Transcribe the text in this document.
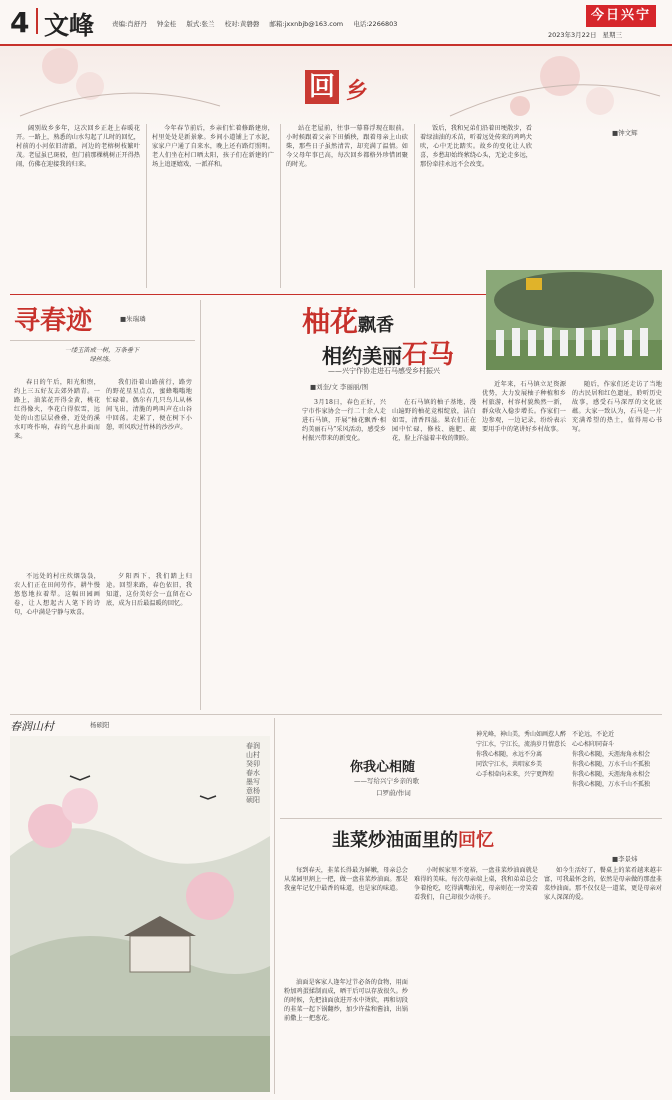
4 文峰	责编:肖舒丹 钟金桂 版式:张兰 校对:黄磐磐 邮箱:jxxnbjb@163.com 电话:2266803
今日兴宁
2023年3月22日 星期三
回 乡
■钟文辉

阔别故乡多年，这次回乡正赶上春暖花开。一路上，熟悉的山水勾起了儿时的回忆，村前的小河依旧清澈，河边的老榕树枝繁叶茂。老屋虽已斑驳，但门前那棵桃树正开得热闹，仿佛在迎接我的归来。

今年春节前后，乡亲们忙着修路建房，村里处处是新景象。乡间小道铺上了水泥，家家户户通了自来水，晚上还有路灯照明。老人们坐在村口晒太阳，孩子们在新建的广场上追逐嬉戏，一派祥和。

站在老屋前，往事一幕幕浮现在眼前。小时候跟着父亲下田插秧，跟着母亲上山砍柴，那些日子虽然清苦，却充满了温情。如今父母年事已高，每次回乡都格外珍惜团聚的时光。

饭后，我和兄弟们沿着田埂散步，看着绿油油的禾苗，听着远处传来的鸡鸣犬吠，心中无比踏实。故乡的变化让人欣喜，乡愁却始终萦绕心头，无论走多远，那份牵挂永远不会改变。

寻春迹	■朱瑞璘

一缕玉笛成一树，万条垂下绿丝绦。

春日的午后，阳光和煦，约上三五好友去郊外踏青。一路上，油菜花开得金黄，桃花红得像火，李花白得似雪，远处的山峦层层叠叠，近处的溪水叮咚作响，春的气息扑面而来。

我们沿着山路前行，路旁的野花星星点点，蜜蜂嗡嗡地忙碌着。偶尔有几只鸟儿从林间飞出，清脆的鸣叫声在山谷中回荡。走累了，便在树下小憩，听风吹过竹林的沙沙声。

不远处的村庄炊烟袅袅，农人们正在田间劳作，耕牛慢悠悠地拉着犁。这幅田园画卷，让人想起古人笔下的诗句，心中满是宁静与欢喜。

夕阳西下，我们踏上归途。回望来路，春色依旧，我知道，这份美好会一直留在心底，成为日后最温暖的回忆。

柚花飘香
相约美丽石马
——兴宁作协走进石马感受乡村振兴
■刘奎/文 李丽丽/图

3月18日，春色正好，兴宁市作家协会一行二十余人走进石马镇，开展“柚花飘香·相约美丽石马”采风活动，感受乡村振兴带来的新变化。

在石马镇的柚子基地，漫山遍野的柚花竞相绽放，洁白如雪，清香四溢。果农们正在园中忙碌，修枝、施肥、疏花，脸上洋溢着丰收的期盼。

近年来，石马镇立足资源优势，大力发展柚子种植和乡村旅游，村容村貌焕然一新，群众收入稳步增长。作家们一边参观，一边记录，纷纷表示要用手中的笔讲好乡村故事。

随后，作家们还走访了当地的古民居和红色遗址，聆听历史故事，感受石马深厚的文化底蕴。大家一致认为，石马是一片充满希望的热土，值得用心书写。

春润山村	杨硕阳
春润山村 癸卯春水墨写意杨硕阳
你我心相随
——写给兴宁乡亲的歌
口罗蔚/作词
神光峰，神山美，秀山如画惹人醉
宁江水，宁江长，流淌岁月情意长
你我心相随，永远不分离
同饮宁江水，共唱家乡美
心手相牵向未来，兴宁更辉煌
不论远，不论近
心心相印同奋斗
你我心相随，天涯海角永相会
你我心相随，万水千山不孤独
你我心相随，天涯海角永相会
你我心相随，万水千山不孤独
韭菜炒油面里的回忆
■李景炜

每到春天，韭菜长得最为鲜嫩，母亲总会从菜园里割上一把，做一盘韭菜炒油面。那是我童年记忆中最香的味道，也是家的味道。

油面是客家人逢年过节必备的食物，用面粉加鸡蛋揉制而成，晒干后可以存放很久。炒的时候，先把油面放进开水中烫软，再和切段的韭菜一起下锅翻炒，加少许盐和酱油，出锅前撒上一把葱花。

小时候家里不宽裕，一盘韭菜炒油面就是难得的美味。每次母亲端上桌，我和弟弟总会争着抢吃，吃得满嘴油光，母亲则在一旁笑着看我们，自己却很少动筷子。

如今生活好了，餐桌上的菜肴越来越丰富，可我最怀念的，依然是母亲做的那盘韭菜炒油面。那不仅仅是一道菜，更是母亲对家人深深的爱。
